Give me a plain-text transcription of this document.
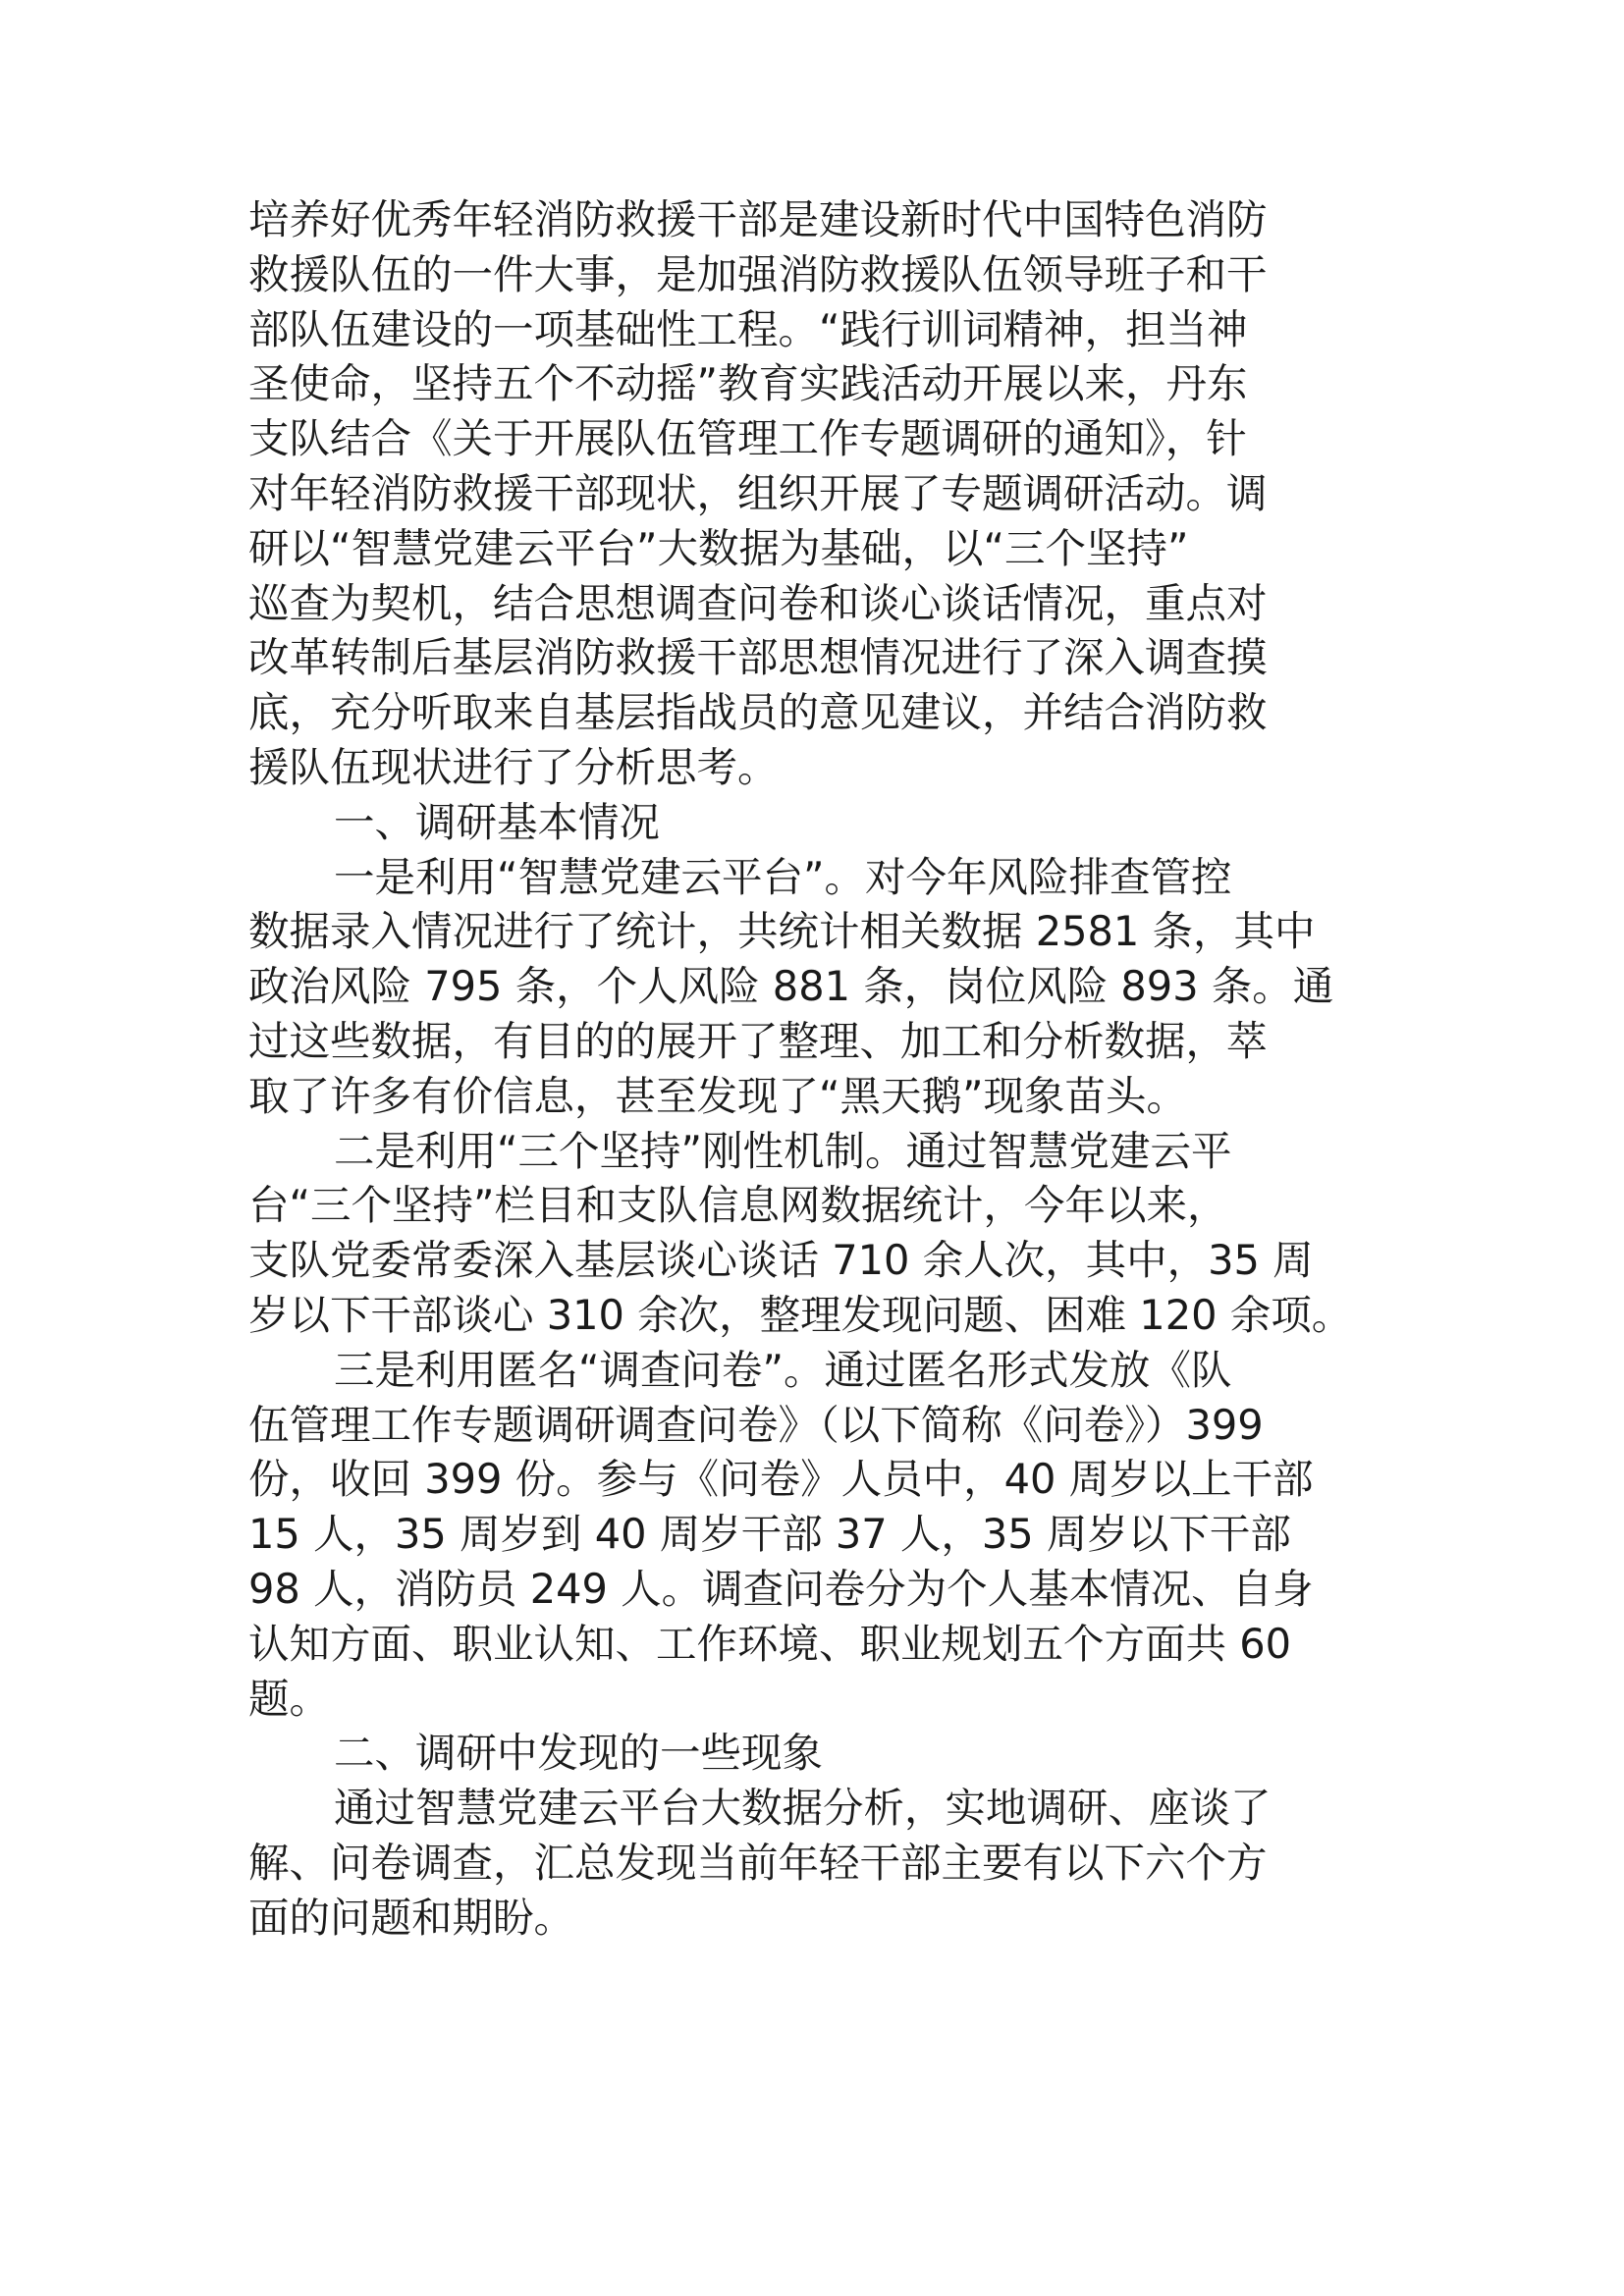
培养好优秀年轻消防救援干部是建设新时代中国特色消防
救援队伍的一件大事，是加强消防救援队伍领导班子和干
部队伍建设的一项基础性工程。“践行训词精神，担当神
圣使命，坚持五个不动摇”教育实践活动开展以来，丹东
支队结合《关于开展队伍管理工作专题调研的通知》，针
对年轻消防救援干部现状，组织开展了专题调研活动。调
研以“智慧党建云平台”大数据为基础，以“三个坚持”
巡查为契机，结合思想调查问卷和谈心谈话情况，重点对
改革转制后基层消防救援干部思想情况进行了深入调查摸
底，充分听取来自基层指战员的意见建议，并结合消防救
援队伍现状进行了分析思考。
一、调研基本情况
一是利用“智慧党建云平台”。对今年风险排查管控
数据录入情况进行了统计，共统计相关数据 2581 条，其中
政治风险 795 条，个人风险 881 条，岗位风险 893 条。通
过这些数据，有目的的展开了整理、加工和分析数据，萃
取了许多有价信息，甚至发现了“黑天鹅”现象苗头。
二是利用“三个坚持”刚性机制。通过智慧党建云平
台“三个坚持”栏目和支队信息网数据统计，今年以来，
支队党委常委深入基层谈心谈话 710 余人次，其中，35 周
岁以下干部谈心 310 余次，整理发现问题、困难 120 余项。
三是利用匿名“调查问卷”。通过匿名形式发放《队
伍管理工作专题调研调查问卷》（以下简称《问卷》）399
份，收回 399 份。参与《问卷》人员中，40 周岁以上干部
15 人，35 周岁到 40 周岁干部 37 人，35 周岁以下干部
98 人，消防员 249 人。调查问卷分为个人基本情况、自身
认知方面、职业认知、工作环境、职业规划五个方面共 60
题。
二、调研中发现的一些现象
通过智慧党建云平台大数据分析，实地调研、座谈了
解、问卷调查，汇总发现当前年轻干部主要有以下六个方
面的问题和期盼。
